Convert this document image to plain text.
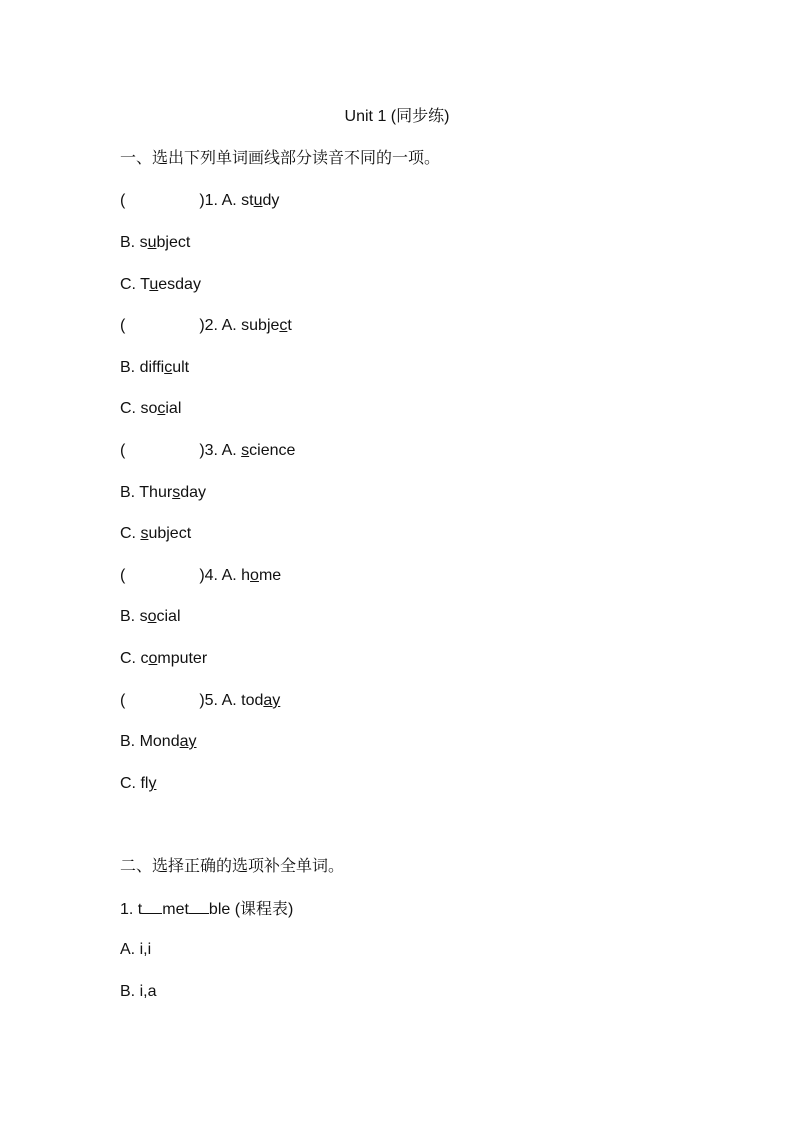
Unit 1 (同步练)
一、选出下列单词画线部分读音不同的一项。
(	)1. A. study
B. subject
C. Tuesday
(	)2. A. subject
B. difficult
C. social
(	)3. A. science
B. Thursday
C. subject
(	)4. A. home
B. social
C. computer
(	)5. A. today
B. Monday
C. fly
二、选择正确的选项补全单词。
1. t met ble (课程表)
A. i,i
B. i,a
